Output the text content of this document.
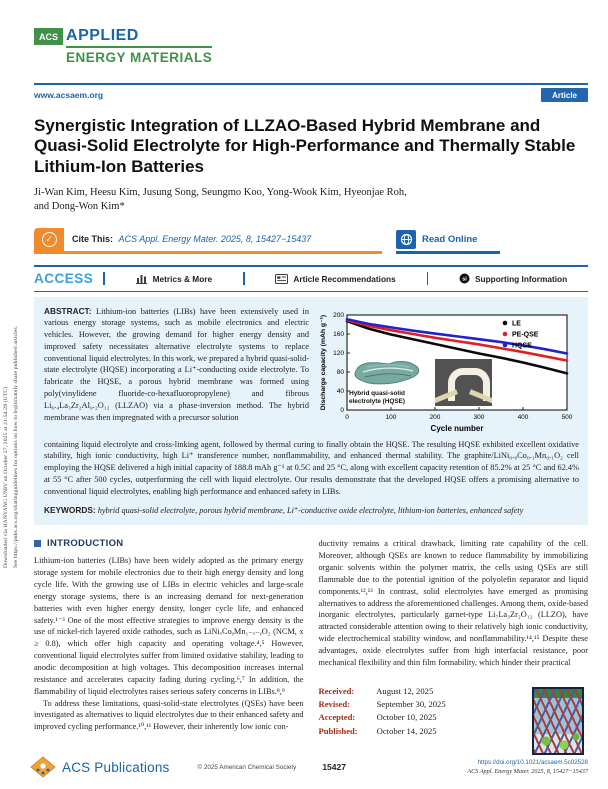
Downloaded via HANYANG UNIV on October 27, 2025 at 21:54:29 (UTC). See https://pubs.acs.org/sharingguidelines for options on how to legitimately share published articles.
ACS APPLIED
ENERGY MATERIALS
www.acsaem.org	Article
Synergistic Integration of LLZAO-Based Hybrid Membrane and Quasi-Solid Electrolyte for High-Performance and Thermally Stable Lithium-Ion Batteries
Ji-Wan Kim, Heesu Kim, Jusung Song, Seungmo Koo, Yong-Wook Kim, Hyeonjae Roh,
and Dong-Won Kim*
✓	Cite This: ACS Appl. Energy Mater. 2025, 8, 15427−15437	Read Online
ACCESS	Metrics & More	Article Recommendations	si Supporting Information
ABSTRACT: Lithium-ion batteries (LIBs) have been extensively used in various energy storage systems, such as mobile electronics and electric vehicles. However, the growing demand for higher energy density and improved safety necessitates alternative electrolyte systems to replace conventional liquid electrolytes. In this work, we prepared a hybrid quasi-solid-state electrolyte (HQSE) incorporating a Li⁺-conducting oxide electrolyte. To fabricate the HQSE, a porous hybrid membrane was formed using poly(vinylidene fluoride-co-hexafluoropropylene) and fibrous Li₆.₄La₃Zr₂Al₀.₂O₁₂ (LLZAO) via a phase-inversion method. The hybrid membrane was then impregnated with a precursor solution	0	100	200	300	400	500
0
40
80
120
160
200
LE
PE-QSE
HQSE
Cycle number
Discharge capacity (mAh g⁻¹)	Hybrid quasi-solid
electrolyte (HQSE)
containing liquid electrolyte and cross-linking agent, followed by thermal curing to finally obtain the HQSE. The resulting HQSE exhibited excellent oxidative stability, high ionic conductivity, high Li⁺ transference number, nonflammability, and enhanced thermal stability. The graphite/LiNi₀.₈Co₀.₁Mn₀.₁O₂ cell employing the HQSE delivered a high initial capacity of 188.8 mAh g⁻¹ at 0.5C and 25 °C, along with excellent capacity retention of 85.2% at 25 °C and 62.4% at 55 °C after 500 cycles, outperforming the cell with liquid electrolyte. Our results demonstrate that the developed HQSE offers a promising alternative to conventional liquid electrolytes, enabling high performance and enhanced safety in LIBs.
KEYWORDS: hybrid quasi-solid electrolyte, porous hybrid membrane, Li⁺-conductive oxide electrolyte, lithium-ion batteries, enhanced safety
INTRODUCTION
Lithium-ion batteries (LIBs) have been widely adopted as the primary energy storage system for mobile electronics due to their high energy density and long cycle life. With the growing use of LIBs in electric vehicles and large-scale energy storage systems, there is an increasing demand for next-generation batteries with even higher energy density, longer cycle life, and enhanced safety.¹⁻³ One of the most effective strategies to improve energy density is the use of nickel-rich layered oxide cathodes, such as LiNiₓCoᵧMn₁₋ₓ₋ᵧO₂ (NCM, x ≥ 0.8), which offer high capacity and operating voltage.⁴,⁵ However, conventional liquid electrolytes suffer from limited oxidative stability, leading to anodic decomposition at high voltages. This decomposition increases internal resistance and accelerates capacity fading during cycling.⁶,⁷ In addition, the flammability of liquid electrolytes raises serious safety concerns in LIBs.⁸,⁹
To address these limitations, quasi-solid-state electrolytes (QSEs) have been investigated as alternatives to liquid electrolytes due to their enhanced safety and improved cycling performance.¹⁰,¹¹ However, their inherently low ionic con-
ductivity remains a critical drawback, limiting rate capability of the cell. Moreover, although QSEs are known to reduce flammability by immobilizing organic solvents within the polymer matrix, the cells using QSEs are still flammable due to the potential ignition of the polyolefin separator and liquid components.¹²,¹³ In contrast, solid electrolytes have emerged as promising alternatives to address the aforementioned challenges. Among them, oxide-based inorganic electrolytes, particularly garnet-type Li₇La₃Zr₂O₁₂ (LLZO), have attracted considerable attention owing to their relatively high ionic conductivity, wide electrochemical stability window, and nonflammability.¹⁴,¹⁵ Despite these advantages, oxide electrolytes suffer from high interfacial resistance, poor mechanical flexibility and thin film formability, which hinder their practical
Received:	August 12, 2025
Revised:	September 30, 2025
Accepted: October 10, 2025
Published: October 14, 2025
ACS Publications	© 2025 American Chemical Society	15427	https://doi.org/10.1021/acsaem.5c02528
ACS Appl. Energy Mater. 2025, 8, 15427−15437
